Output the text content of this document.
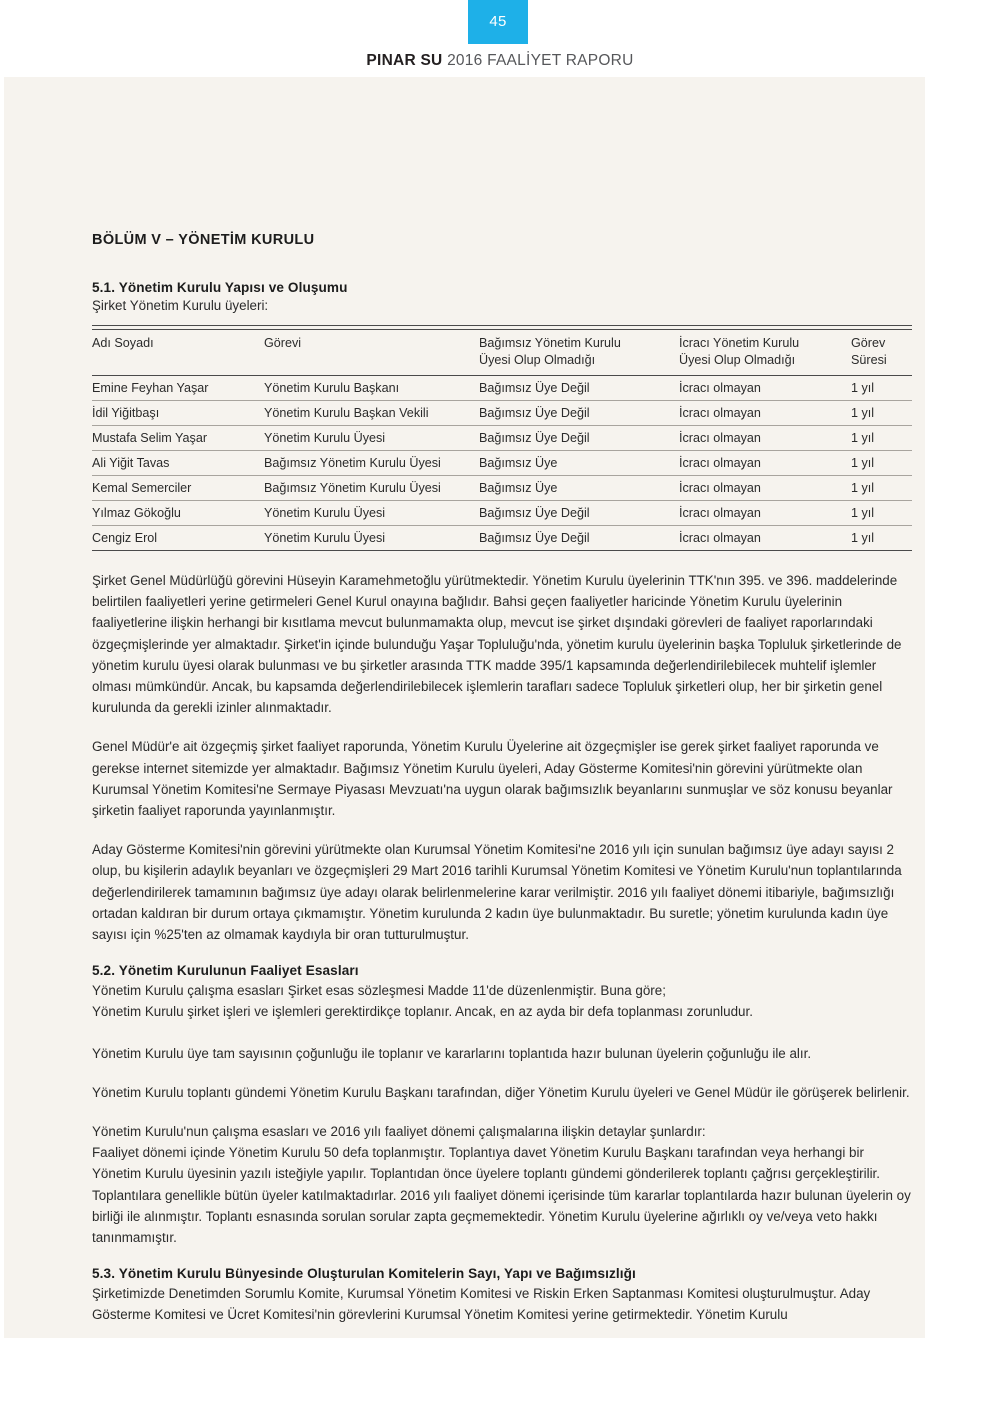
45
PINAR SU 2016 FAALİYET RAPORU
BÖLÜM V – YÖNETİM KURULU
5.1. Yönetim Kurulu Yapısı ve Oluşumu

Şirket Yönetim Kurulu üyeleri:

Adı Soyadı	Görevi	Bağımsız Yönetim Kurulu
Üyesi Olup Olmadığı	İcracı Yönetim Kurulu
Üyesi Olup Olmadığı	Görev
Süresi

Emine Feyhan Yaşar	Yönetim Kurulu Başkanı	Bağımsız Üye Değil	İcracı olmayan	1 yıl
İdil Yiğitbaşı	Yönetim Kurulu Başkan Vekili	Bağımsız Üye Değil	İcracı olmayan	1 yıl
Mustafa Selim Yaşar	Yönetim Kurulu Üyesi	Bağımsız Üye Değil	İcracı olmayan	1 yıl
Ali Yiğit Tavas	Bağımsız Yönetim Kurulu Üyesi	Bağımsız Üye	İcracı olmayan	1 yıl
Kemal Semerciler	Bağımsız Yönetim Kurulu Üyesi	Bağımsız Üye	İcracı olmayan	1 yıl
Yılmaz Gökoğlu	Yönetim Kurulu Üyesi	Bağımsız Üye Değil	İcracı olmayan	1 yıl
Cengiz Erol	Yönetim Kurulu Üyesi	Bağımsız Üye Değil	İcracı olmayan	1 yıl

Şirket Genel Müdürlüğü görevini Hüseyin Karamehmetoğlu yürütmektedir. Yönetim Kurulu üyelerinin TTK'nın 395. ve 396. maddelerinde belirtilen faaliyetleri yerine getirmeleri Genel Kurul onayına bağlıdır. Bahsi geçen faaliyetler haricinde Yönetim Kurulu üyelerinin faaliyetlerine ilişkin herhangi bir kısıtlama mevcut bulunmamakta olup, mevcut ise şirket dışındaki görevleri de faaliyet raporlarındaki özgeçmişlerinde yer almaktadır. Şirket'in içinde bulunduğu Yaşar Topluluğu'nda, yönetim kurulu üyelerinin başka Topluluk şirketlerinde de yönetim kurulu üyesi olarak bulunması ve bu şirketler arasında TTK madde 395/1 kapsamında değerlendirilebilecek muhtelif işlemler olması mümkündür. Ancak, bu kapsamda değerlendirilebilecek işlemlerin tarafları sadece Topluluk şirketleri olup, her bir şirketin genel kurulunda da gerekli izinler alınmaktadır.

Genel Müdür'e ait özgeçmiş şirket faaliyet raporunda, Yönetim Kurulu Üyelerine ait özgeçmişler ise gerek şirket faaliyet raporunda ve gerekse internet sitemizde yer almaktadır. Bağımsız Yönetim Kurulu üyeleri, Aday Gösterme Komitesi'nin görevini yürütmekte olan Kurumsal Yönetim Komitesi'ne Sermaye Piyasası Mevzuatı'na uygun olarak bağımsızlık beyanlarını sunmuşlar ve söz konusu beyanlar şirketin faaliyet raporunda yayınlanmıştır.

Aday Gösterme Komitesi'nin görevini yürütmekte olan Kurumsal Yönetim Komitesi'ne 2016 yılı için sunulan bağımsız üye adayı sayısı 2 olup, bu kişilerin adaylık beyanları ve özgeçmişleri 29 Mart 2016 tarihli Kurumsal Yönetim Komitesi ve Yönetim Kurulu'nun toplantılarında değerlendirilerek tamamının bağımsız üye adayı olarak belirlenmelerine karar verilmiştir. 2016 yılı faaliyet dönemi itibariyle, bağımsızlığı ortadan kaldıran bir durum ortaya çıkmamıştır. Yönetim kurulunda 2 kadın üye bulunmaktadır. Bu suretle; yönetim kurulunda kadın üye sayısı için %25'ten az olmamak kaydıyla bir oran tutturulmuştur.

5.2. Yönetim Kurulunun Faaliyet Esasları

Yönetim Kurulu çalışma esasları Şirket esas sözleşmesi Madde 11'de düzenlenmiştir. Buna göre;

Yönetim Kurulu şirket işleri ve işlemleri gerektirdikçe toplanır. Ancak, en az ayda bir defa toplanması zorunludur.

Yönetim Kurulu üye tam sayısının çoğunluğu ile toplanır ve kararlarını toplantıda hazır bulunan üyelerin çoğunluğu ile alır.

Yönetim Kurulu toplantı gündemi Yönetim Kurulu Başkanı tarafından, diğer Yönetim Kurulu üyeleri ve Genel Müdür ile görüşerek belirlenir.

Yönetim Kurulu'nun çalışma esasları ve 2016 yılı faaliyet dönemi çalışmalarına ilişkin detaylar şunlardır:

Faaliyet dönemi içinde Yönetim Kurulu 50 defa toplanmıştır. Toplantıya davet Yönetim Kurulu Başkanı tarafından veya herhangi bir Yönetim Kurulu üyesinin yazılı isteğiyle yapılır. Toplantıdan önce üyelere toplantı gündemi gönderilerek toplantı çağrısı gerçekleştirilir. Toplantılara genellikle bütün üyeler katılmaktadırlar. 2016 yılı faaliyet dönemi içerisinde tüm kararlar toplantılarda hazır bulunan üyelerin oy birliği ile alınmıştır. Toplantı esnasında sorulan sorular zapta geçmemektedir. Yönetim Kurulu üyelerine ağırlıklı oy ve/veya veto hakkı tanınmamıştır.

5.3. Yönetim Kurulu Bünyesinde Oluşturulan Komitelerin Sayı, Yapı ve Bağımsızlığı

Şirketimizde Denetimden Sorumlu Komite, Kurumsal Yönetim Komitesi ve Riskin Erken Saptanması Komitesi oluşturulmuştur. Aday Gösterme Komitesi ve Ücret Komitesi'nin görevlerini Kurumsal Yönetim Komitesi yerine getirmektedir. Yönetim Kurulu
